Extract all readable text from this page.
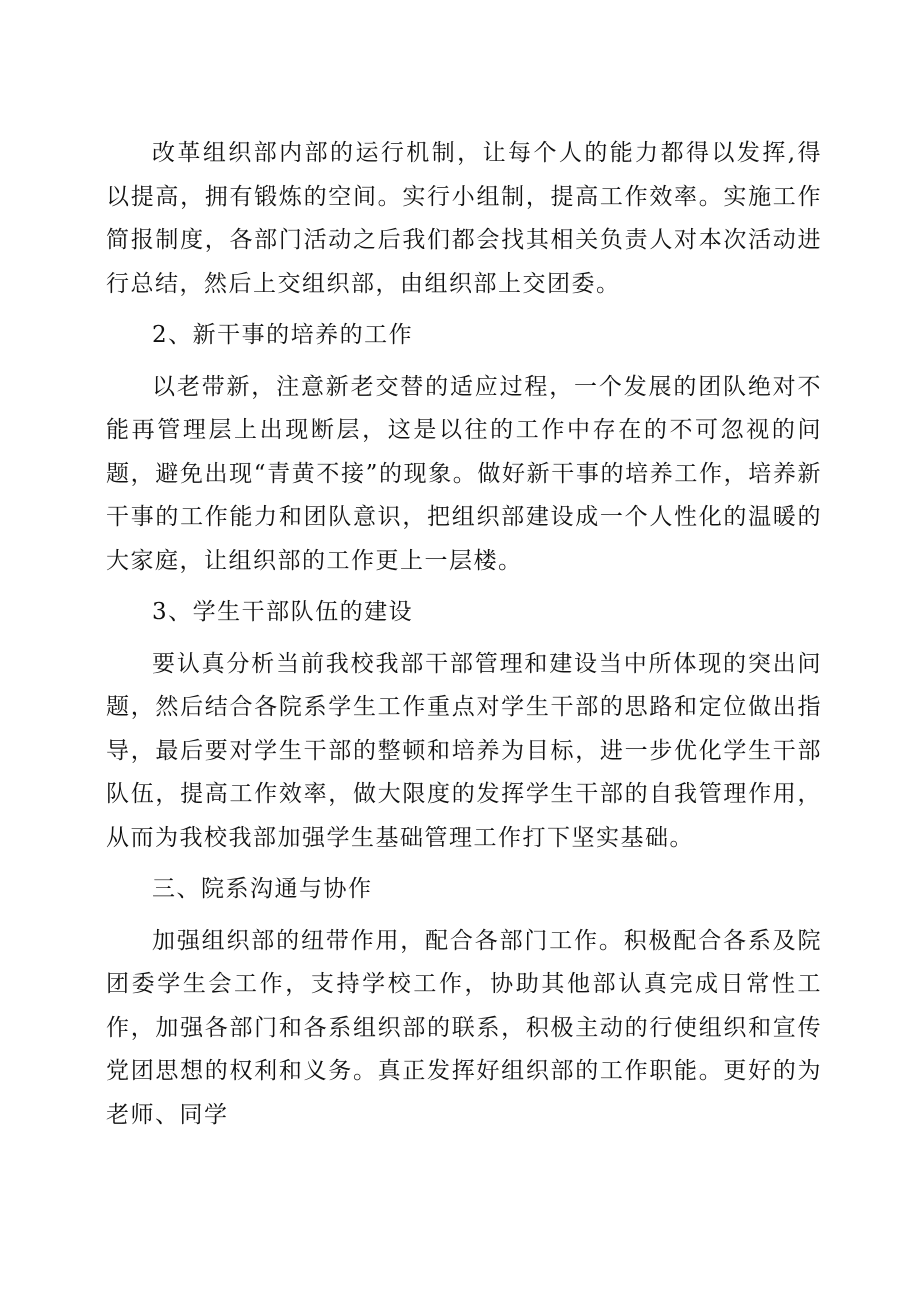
改革组织部内部的运行机制，让每个人的能力都得以发挥,得以提高，拥有锻炼的空间。实行小组制，提高工作效率。实施工作简报制度，各部门活动之后我们都会找其相关负责人对本次活动进行总结，然后上交组织部，由组织部上交团委。

2、新干事的培养的工作

以老带新，注意新老交替的适应过程，一个发展的团队绝对不能再管理层上出现断层，这是以往的工作中存在的不可忽视的问题，避免出现“青黄不接”的现象。做好新干事的培养工作，培养新干事的工作能力和团队意识，把组织部建设成一个人性化的温暖的大家庭，让组织部的工作更上一层楼。

3、学生干部队伍的建设

要认真分析当前我校我部干部管理和建设当中所体现的突出问题，然后结合各院系学生工作重点对学生干部的思路和定位做出指导，最后要对学生干部的整顿和培养为目标，进一步优化学生干部队伍，提高工作效率，做大限度的发挥学生干部的自我管理作用，从而为我校我部加强学生基础管理工作打下坚实基础。

三、院系沟通与协作

加强组织部的纽带作用，配合各部门工作。积极配合各系及院团委学生会工作，支持学校工作，协助其他部认真完成日常性工作，加强各部门和各系组织部的联系，积极主动的行使组织和宣传党团思想的权利和义务。真正发挥好组织部的工作职能。更好的为老师、同学
